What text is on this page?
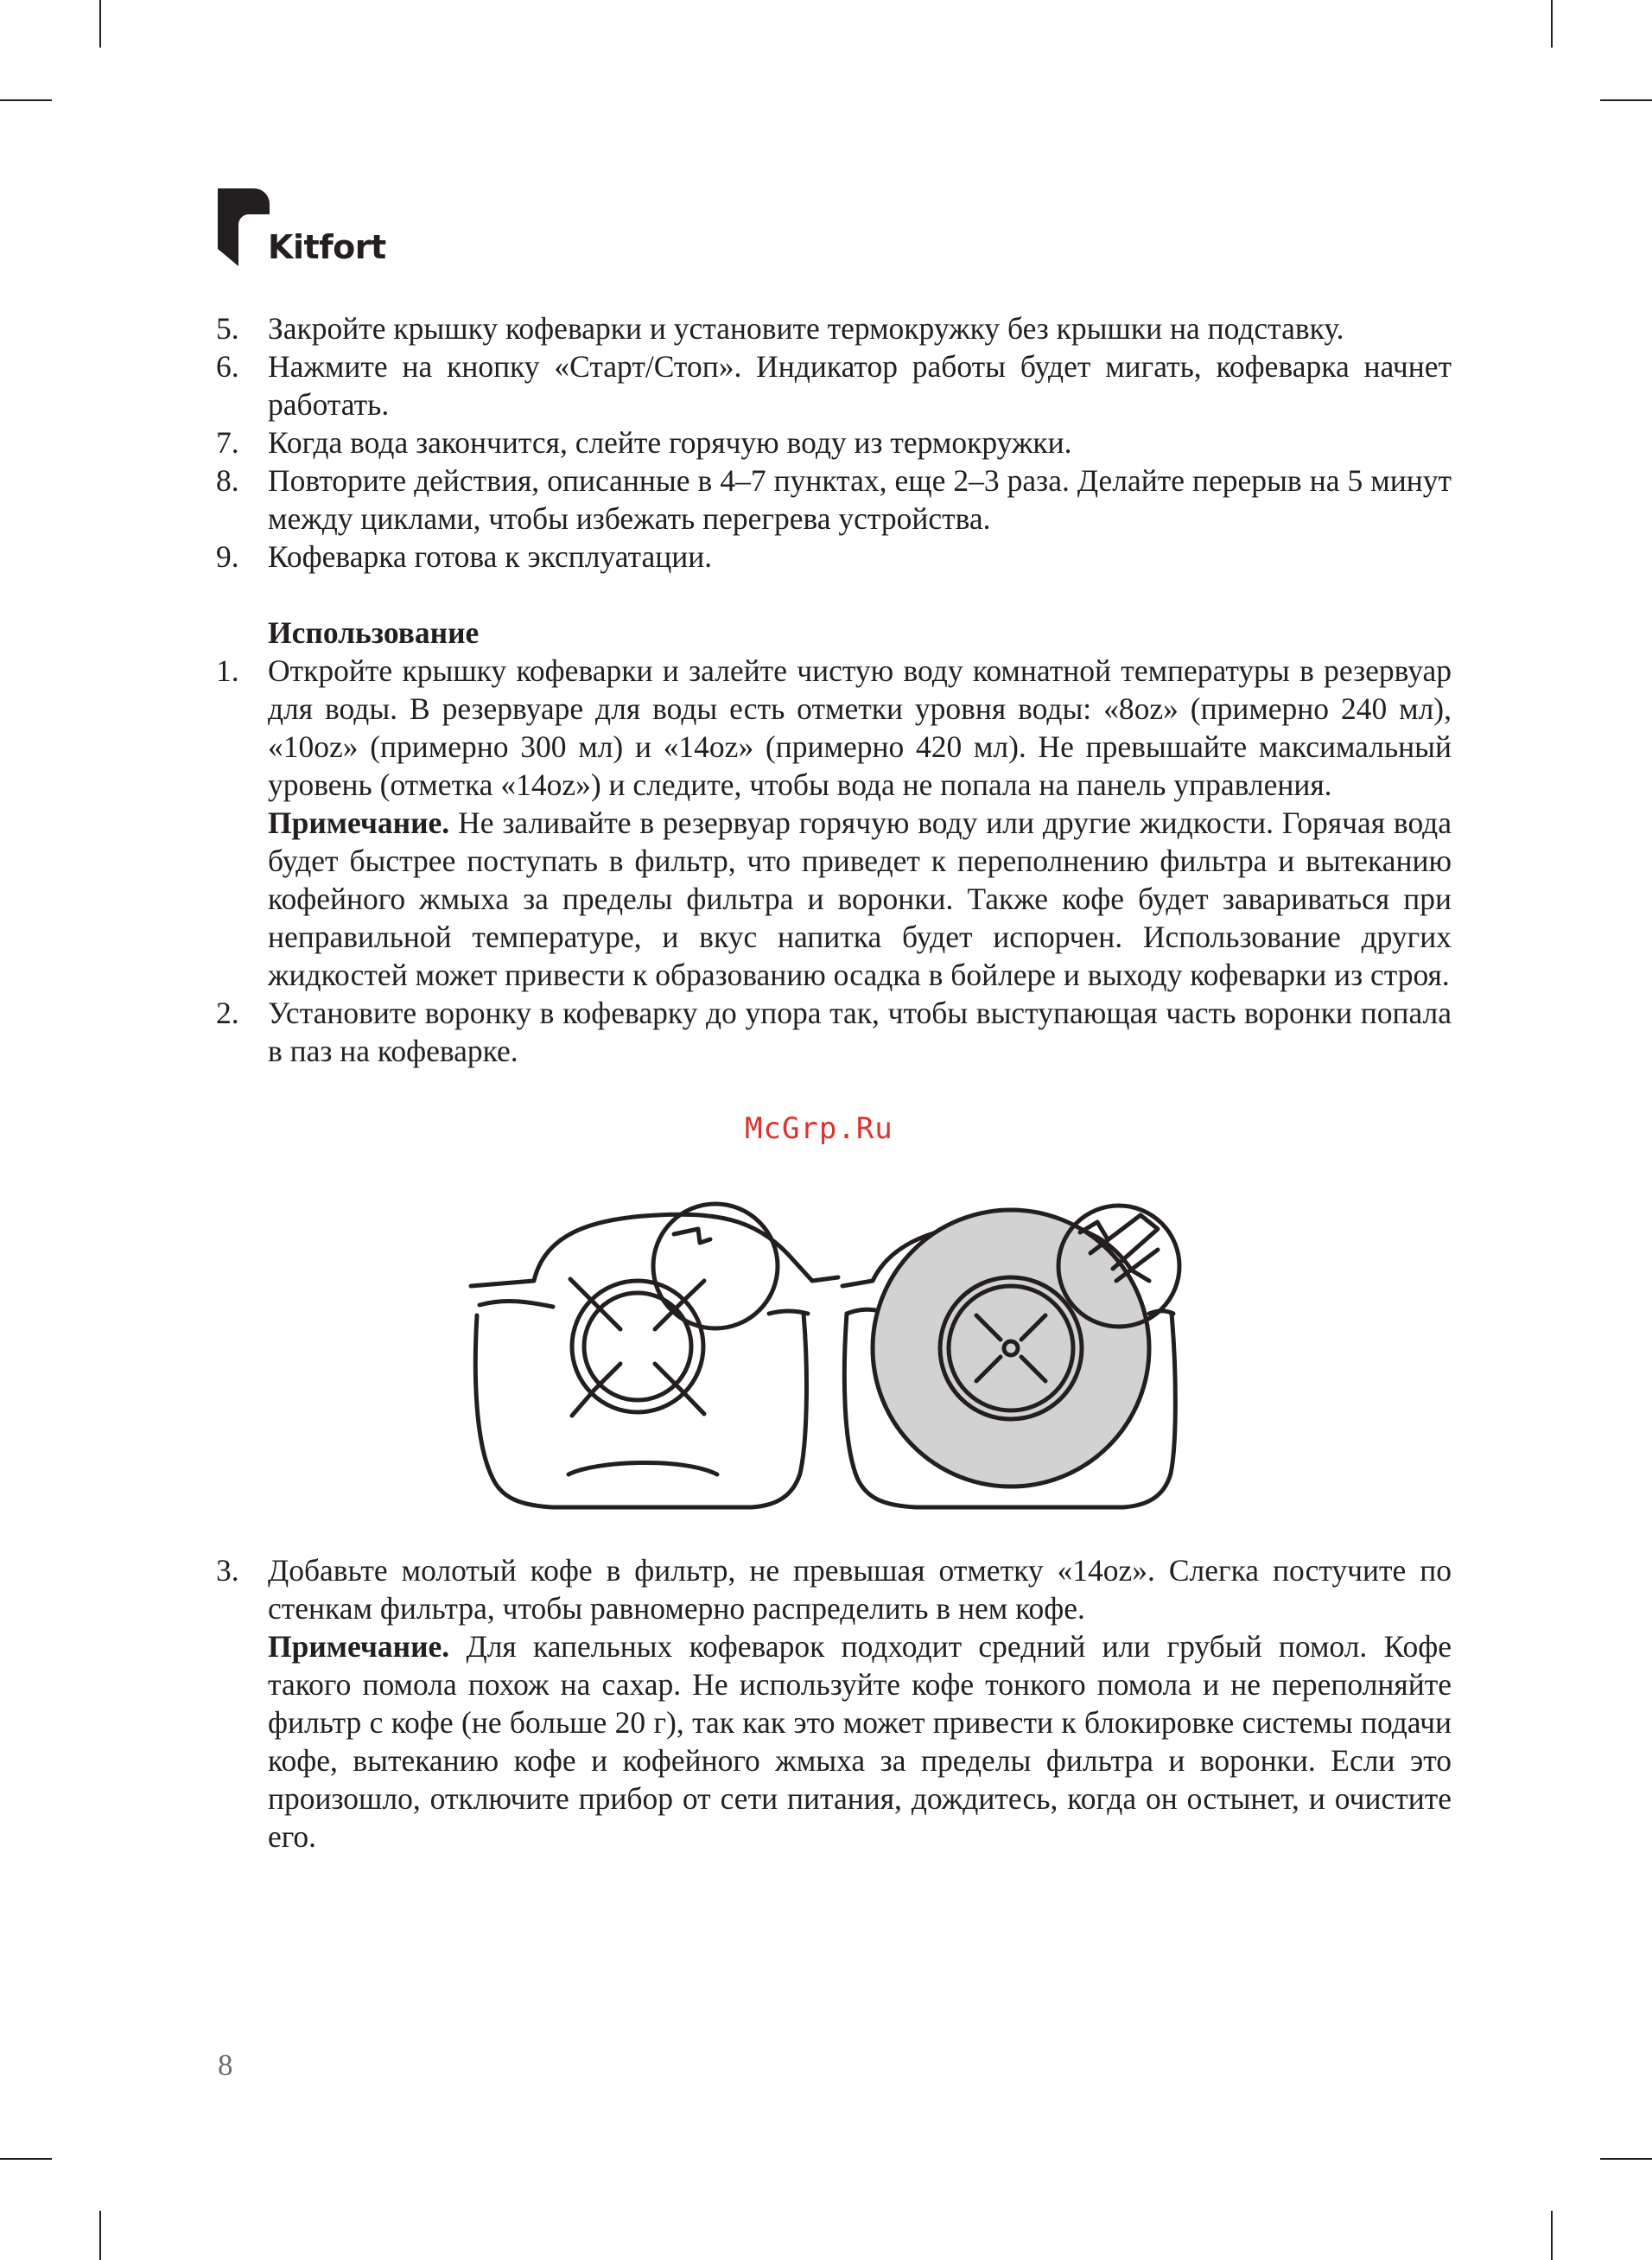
Kitfort
5. Закройте крышку кофеварки и установите термокружку без крышки на подставку.
6. Нажмите на кнопку «Старт/Стоп». Индикатор работы будет мигать, кофеварка начнет работать.
7. Когда вода закончится, слейте горячую воду из термокружки.
8. Повторите действия, описанные в 4–7 пунктах, еще 2–3 раза. Делайте перерыв на 5 минут между циклами, чтобы избежать перегрева устройства.
9. Кофеварка готова к эксплуатации.
Использование
1. Откройте крышку кофеварки и залейте чистую воду комнатной температуры в резервуар для воды. В резервуаре для воды есть отметки уровня воды: «8oz» (примерно 240 мл), «10oz» (примерно 300 мл) и «14oz» (примерно 420 мл). Не превышайте максимальный уровень (отметка «14oz») и следите, чтобы вода не попала на панель управления.

Примечание. Не заливайте в резервуар горячую воду или другие жидкости. Горячая вода будет быстрее поступать в фильтр, что приведет к переполнению фильтра и вытеканию кофейного жмыха за пределы фильтра и воронки. Также кофе будет завариваться при неправильной температуре, и вкус напитка будет испорчен. Использование других жидкостей может привести к образованию осадка в бойлере и выходу кофеварки из строя.

2. Установите воронку в кофеварку до упора так, чтобы выступающая часть воронки попала в паз на кофеварке.

3. Добавьте молотый кофе в фильтр, не превышая отметку «14oz». Слегка постучите по стенкам фильтра, чтобы равномерно распределить в нем кофе.

Примечание. Для капельных кофеварок подходит средний или грубый помол. Кофе такого помола похож на сахар. Не используйте кофе тонкого помола и не переполняйте фильтр с кофе (не больше 20 г), так как это может привести к блокировке системы подачи кофе, вытеканию кофе и кофейного жмыха за пределы фильтра и воронки. Если это произошло, отключите прибор от сети питания, дождитесь, когда он остынет, и очистите его.

McGrp.Ru
8
